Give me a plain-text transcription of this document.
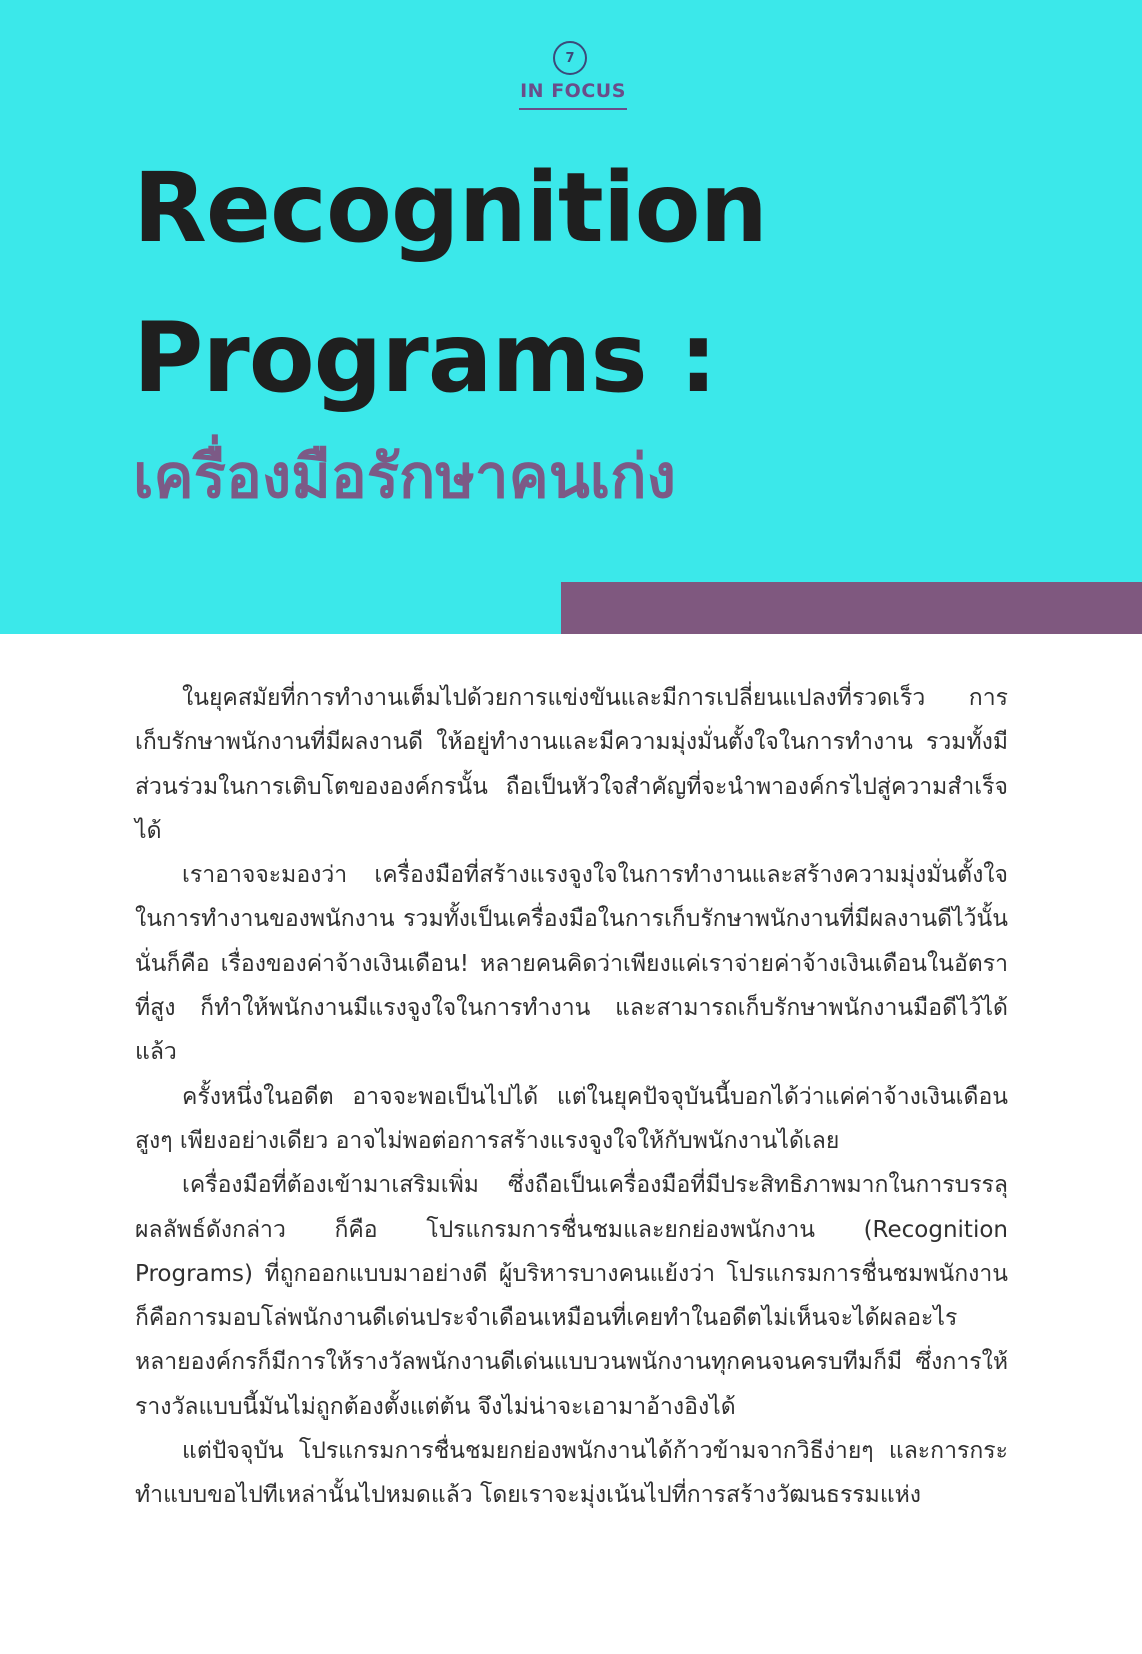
7
IN FOCUS
Recognition
Programs :
เครื่องมือรักษาคนเก่ง

ในยุคสมัยที่การทำงานเต็มไปด้วยการแข่งขันและมีการเปลี่ยนแปลงที่รวดเร็ว การเก็บรักษาพนักงานที่มีผลงานดี ให้อยู่ทำงานและมีความมุ่งมั่นตั้งใจในการทำงาน รวมทั้งมีส่วนร่วมในการเติบโตขององค์กรนั้น ถือเป็นหัวใจสำคัญที่จะนำพาองค์กรไปสู่ความสำเร็จได้

เราอาจจะมองว่า เครื่องมือที่สร้างแรงจูงใจในการทำงานและสร้างความมุ่งมั่นตั้งใจในการทำงานของพนักงาน รวมทั้งเป็นเครื่องมือในการเก็บรักษาพนักงานที่มีผลงานดีไว้นั้น นั่นก็คือ เรื่องของค่าจ้างเงินเดือน! หลายคนคิดว่าเพียงแค่เราจ่ายค่าจ้างเงินเดือนในอัตราที่สูง ก็ทำให้พนักงานมีแรงจูงใจในการทำงาน และสามารถเก็บรักษาพนักงานมือดีไว้ได้แล้ว

ครั้งหนึ่งในอดีต อาจจะพอเป็นไปได้ แต่ในยุคปัจจุบันนี้บอกได้ว่าแค่ค่าจ้างเงินเดือนสูงๆ เพียงอย่างเดียว อาจไม่พอต่อการสร้างแรงจูงใจให้กับพนักงานได้เลย

เครื่องมือที่ต้องเข้ามาเสริมเพิ่ม ซึ่งถือเป็นเครื่องมือที่มีประสิทธิภาพมากในการบรรลุผลลัพธ์ดังกล่าว ก็คือ โปรแกรมการชื่นชมและยกย่องพนักงาน (Recognition Programs) ที่ถูกออกแบบมาอย่างดี ผู้บริหารบางคนแย้งว่า โปรแกรมการชื่นชมพนักงาน ก็คือการมอบโล่พนักงานดีเด่นประจำเดือนเหมือนที่เคยทำในอดีตไม่เห็นจะได้ผลอะไร หลายองค์กรก็มีการให้รางวัลพนักงานดีเด่นแบบวนพนักงานทุกคนจนครบทีมก็มี ซึ่งการให้รางวัลแบบนี้มันไม่ถูกต้องตั้งแต่ต้น จึงไม่น่าจะเอามาอ้างอิงได้

แต่ปัจจุบัน โปรแกรมการชื่นชมยกย่องพนักงานได้ก้าวข้ามจากวิธีง่ายๆ และการกระทำแบบขอไปทีเหล่านั้นไปหมดแล้ว โดยเราจะมุ่งเน้นไปที่การสร้างวัฒนธรรมแห่ง
